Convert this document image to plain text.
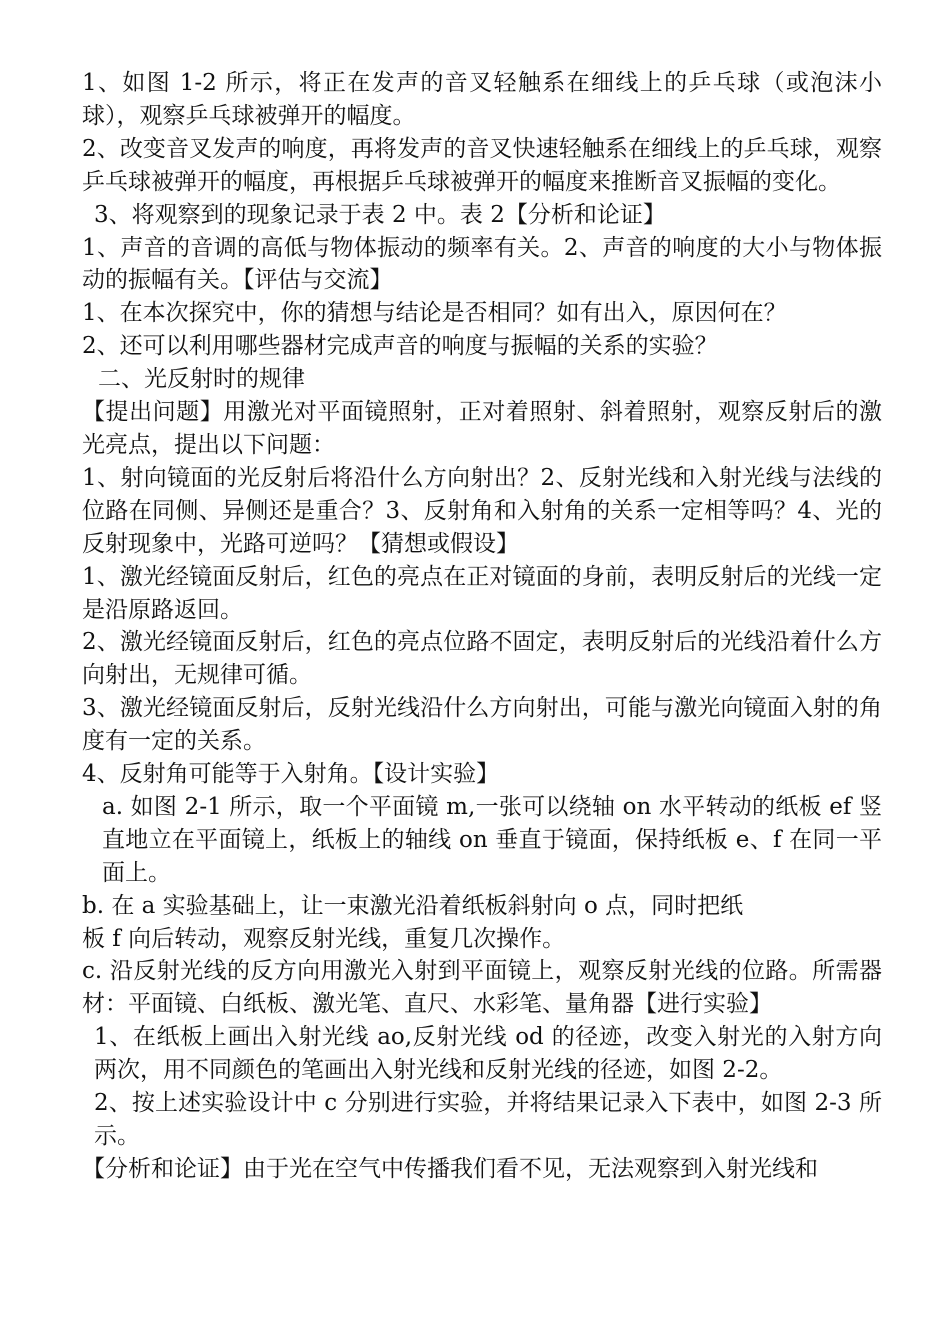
1、如图 1-2 所示，将正在发声的音叉轻触系在细线上的乒乓球（或泡沫小球），观察乒乓球被弹开的幅度。

2、改变音叉发声的响度，再将发声的音叉快速轻触系在细线上的乒乓球，观察乒乓球被弹开的幅度，再根据乒乓球被弹开的幅度来推断音叉振幅的变化。

3、将观察到的现象记录于表 2 中。表 2【分析和论证】

1、声音的音调的高低与物体振动的频率有关。2、声音的响度的大小与物体振动的振幅有关。【评估与交流】

1、在本次探究中，你的猜想与结论是否相同？如有出入，原因何在？

2、还可以利用哪些器材完成声音的响度与振幅的关系的实验？

二、光反射时的规律

【提出问题】用激光对平面镜照射，正对着照射、斜着照射，观察反射后的激光亮点，提出以下问题：

1、射向镜面的光反射后将沿什么方向射出？2、反射光线和入射光线与法线的位路在同侧、异侧还是重合？3、反射角和入射角的关系一定相等吗？4、光的反射现象中，光路可逆吗？【猜想或假设】

1、激光经镜面反射后，红色的亮点在正对镜面的身前，表明反射后的光线一定是沿原路返回。

2、激光经镜面反射后，红色的亮点位路不固定，表明反射后的光线沿着什么方向射出，无规律可循。

3、激光经镜面反射后，反射光线沿什么方向射出，可能与激光向镜面入射的角度有一定的关系。

4、反射角可能等于入射角。【设计实验】

a. 如图 2-1 所示，取一个平面镜 m,一张可以绕轴 on 水平转动的纸板 ef 竖直地立在平面镜上，纸板上的轴线 on 垂直于镜面，保持纸板 e、f 在同一平面上。

b. 在 a 实验基础上，让一束激光沿着纸板斜射向 o 点，同时把纸

板 f 向后转动，观察反射光线，重复几次操作。

c. 沿反射光线的反方向用激光入射到平面镜上，观察反射光线的位路。所需器材：平面镜、白纸板、激光笔、直尺、水彩笔、量角器【进行实验】

1、在纸板上画出入射光线 ao,反射光线 od 的径迹，改变入射光的入射方向两次，用不同颜色的笔画出入射光线和反射光线的径迹，如图 2-2。

2、按上述实验设计中 c 分别进行实验，并将结果记录入下表中，如图 2-3 所示。

【分析和论证】由于光在空气中传播我们看不见，无法观察到入射光线和
